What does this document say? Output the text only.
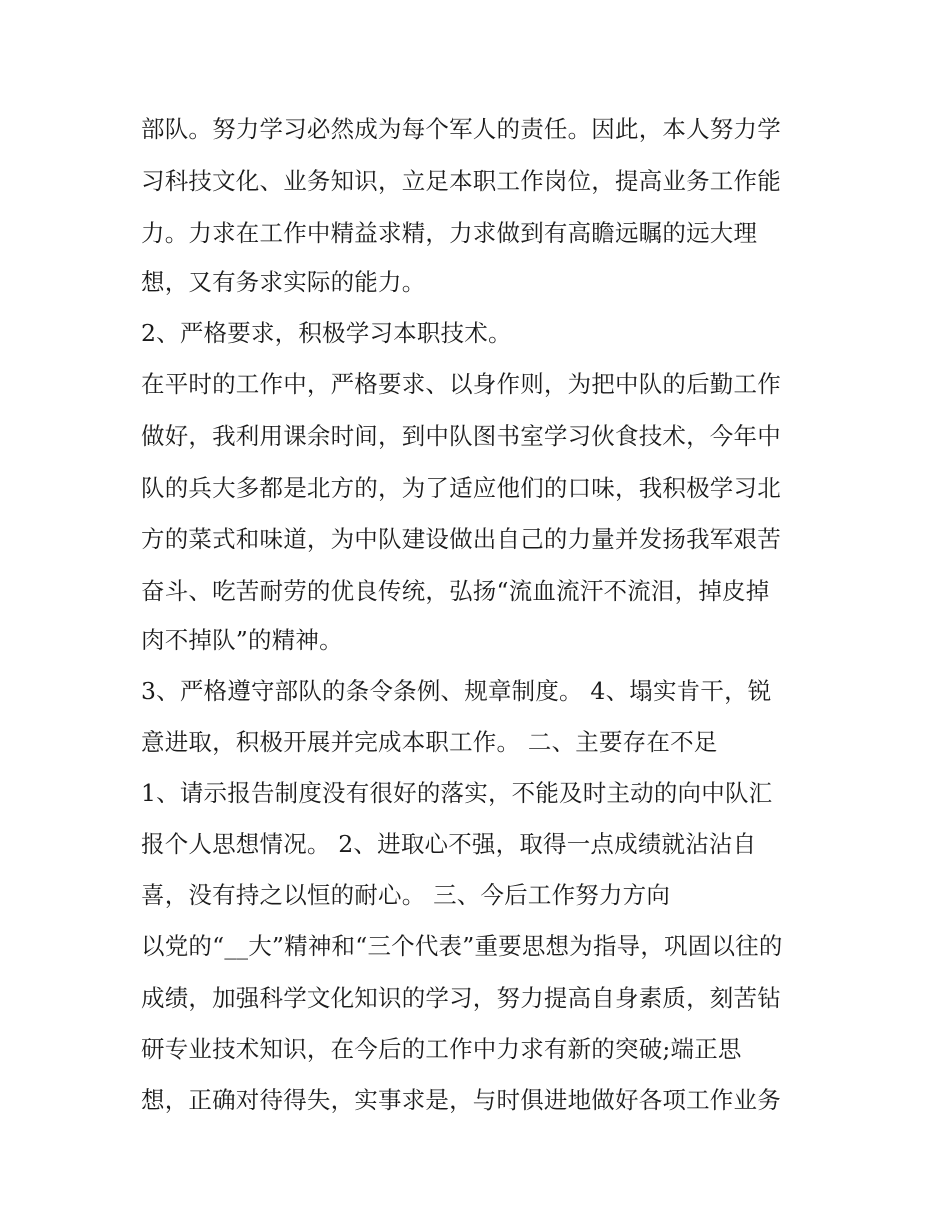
部队。努力学习必然成为每个军人的责任。因此，本人努力学
习科技文化、业务知识，立足本职工作岗位，提高业务工作能
力。力求在工作中精益求精，力求做到有高瞻远瞩的远大理
想，又有务求实际的能力。
2、严格要求，积极学习本职技术。
在平时的工作中，严格要求、以身作则，为把中队的后勤工作
做好，我利用课余时间，到中队图书室学习伙食技术，今年中
队的兵大多都是北方的，为了适应他们的口味，我积极学习北
方的菜式和味道，为中队建设做出自己的力量并发扬我军艰苦
奋斗、吃苦耐劳的优良传统，弘扬“流血流汗不流泪，掉皮掉
肉不掉队”的精神。
3、严格遵守部队的条令条例、规章制度。 4、塌实肯干，锐
意进取，积极开展并完成本职工作。 二、主要存在不足
1、请示报告制度没有很好的落实，不能及时主动的向中队汇
报个人思想情况。 2、进取心不强，取得一点成绩就沾沾自
喜，没有持之以恒的耐心。 三、今后工作努力方向
以党的“__大”精神和“三个代表”重要思想为指导，巩固以往的
成绩，加强科学文化知识的学习，努力提高自身素质，刻苦钻
研专业技术知识，在今后的工作中力求有新的突破;端正思
想，正确对待得失，实事求是，与时俱进地做好各项工作业务
